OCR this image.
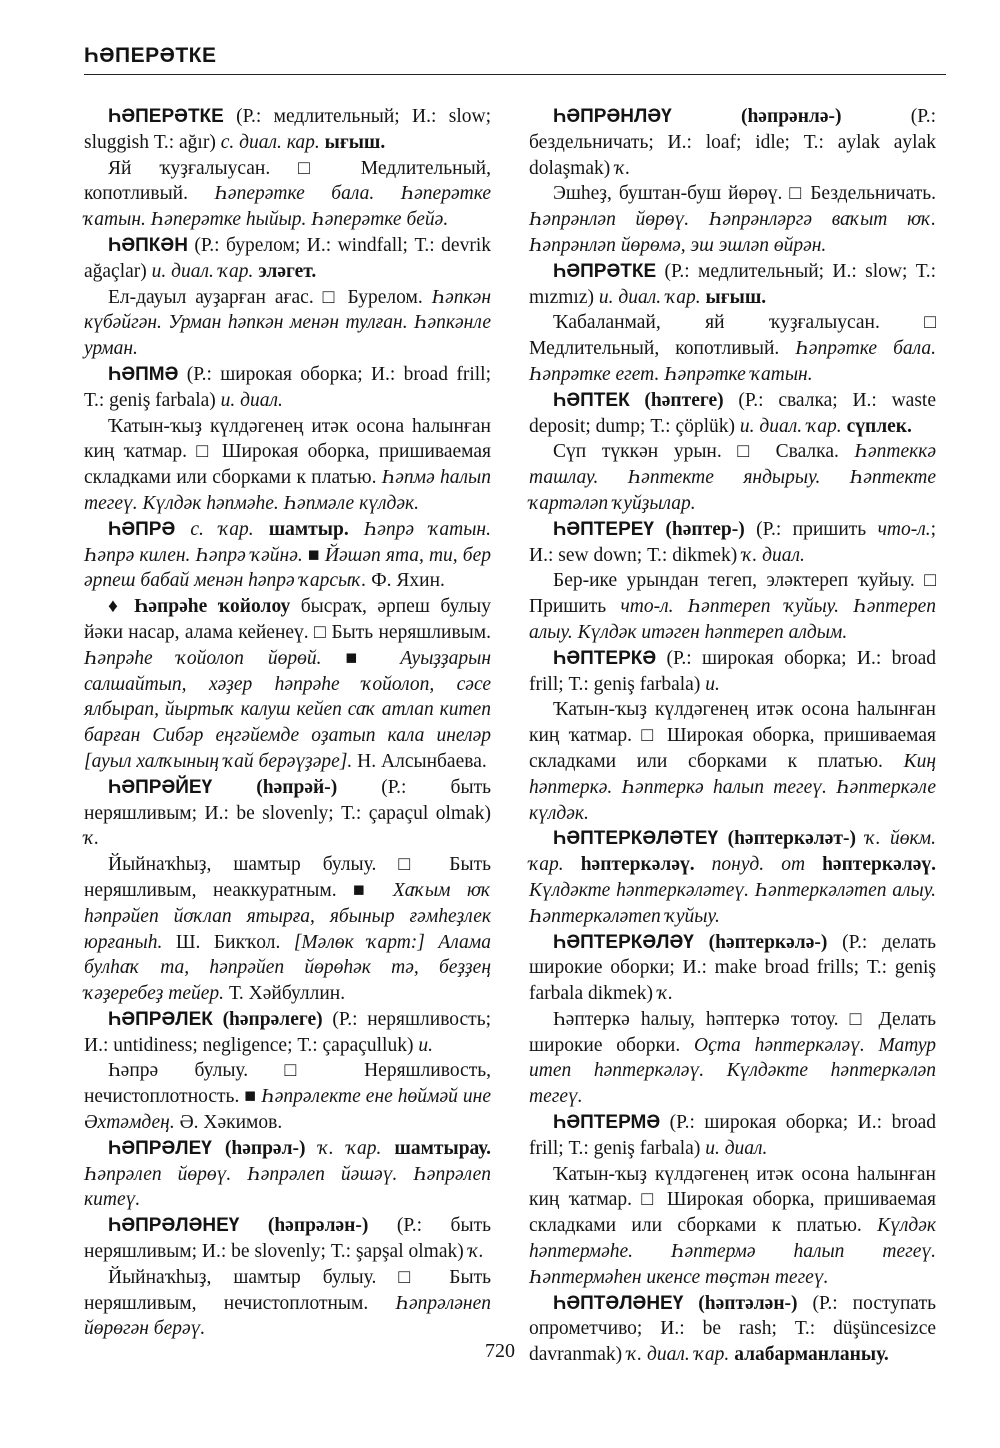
ҺӘПЕРӘТКЕ

ҺӘПЕРӘТКЕ (Р.: медлительный; И.: slow; sluggish Т.: ağır) с. диал. кар. ығыш.

Яй ҡуҙғалыусан. □ Медлительный, копотливый. Һәперәтке бала. Һәперәтке ҡатын. Һәперәтке һыйыр. Һәперәтке бейә.

ҺӘПКӘН (Р.: бурелом; И.: windfall; Т.: devrik ağaçlar) и. диал. ҡар. эләгет.

Ел-дауыл ауҙарған ағас. □ Бурелом. Һәпкән күбәйгән. Урман һәпкән менән тулған. Һәпкәнле урман.

ҺӘПМӘ (Р.: широкая оборка; И.: broad frill; Т.: geniş farbala) и. диал.

Ҡатын-ҡыҙ күлдәгенең итәк осона һалынған киң ҡатмар. □ Широкая оборка, пришиваемая складками или сборками к платью. Һәпмә һалып тегеү. Күлдәк һәпмәһе. Һәпмәле күлдәк.

ҺӘПРӘ с. ҡар. шамтыр. Һәпрә ҡатын. Һәпрә килен. Һәпрә ҡәйнә. ■ Йәшәп ята, ти, бер әрпеш бабай менән һәпрә ҡарсыҡ. Ф. Яхин.

♦ Һәпрәһе ҡойолоу бысраҡ, әрпеш булыу йәки насар, алама кейенеү. □ Быть неряшливым. Һәпрәһе ҡойолоп йөрөй. ■ Ауыҙҙарын салшайтып, хәҙер һәпрәһе ҡойолоп, сәсе ялбырап, йыртыҡ калуш кейеп саҡ атлап китеп барған Сибәр еңгәйемде оҙатып кала инеләр [ауыл халҡының ҡай берәүҙәре]. Н. Алсынбаева.

ҺӘПРӘЙЕҮ (һәпрәй-) (Р.: быть неряшливым; И.: be slovenly; Т.: çapaçul olmak) ҡ.

Йыйнаҡһыҙ, шамтыр булыу. □ Быть неряшливым, неаккуратным. ■ Хаҡым юҡ һәпрәйеп йоҡлап ятырға, ябыныр ғәмһеҙлек юрғаныһ. Ш. Бикҡол. [Мәлөк ҡарт:] Алама булһаҡ та, һәпрәйеп йөрөһәк тә, беҙҙең ҡәҙеребеҙ тейер. Т. Хәйбуллин.

ҺӘПРӘЛЕК (һәпрәлеге) (Р.: неряшливость; И.: untidiness; negligence; Т.: çapaçulluk) и.

Һәпрә булыу. □ Неряшливость, нечистоплотность. ■ Һәпрәлекте ене һөймәй ине Әхтәмдең. Ә. Хәкимов.

ҺӘПРӘЛЕҮ (һәпрәл-) ҡ. ҡар. шамтырау. Һәпрәлеп йөрөү. Һәпрәлеп йәшәү. Һәпрәлеп китеү.

ҺӘПРӘЛӘНЕҮ (һәпрәлән-) (Р.: быть неряшливым; И.: be slovenly; Т.: şapşal olmak) ҡ.

Йыйнаҡһыҙ, шамтыр булыу. □ Быть неряшливым, нечистоплотным. Һәпрәләнеп йөрөгән берәү.

ҺӘПРӘНЛӘҮ (һәпрәнлә-) (Р.: бездельничать; И.: loaf; idle; Т.: aylak aylak dolaşmak) ҡ.

Эшһеҙ, буштан-буш йөрөү. □ Бездельничать. Һәпрәнләп йөрөү. Һәпрәнләргә ваҡыт юҡ. Һәпрәнләп йөрөмә, эш эшләп өйрән.

ҺӘПРӘТКЕ (Р.: медлительный; И.: slow; Т.: mızmız) и. диал. ҡар. ығыш.

Ҡабаланмай, яй ҡуҙғалыусан. □ Медлительный, копотливый. Һәпрәтке бала. Һәпрәтке егет. Һәпрәтке ҡатын.

ҺӘПТЕК (һәптеге) (Р.: свалка; И.: waste deposit; dump; Т.: çöplük) и. диал. ҡар. сүплек.

Сүп түккән урын. □ Свалка. Һәптеккә ташлау. Һәптекте яндырыу. Һәптекте ҡартәләп ҡуйҙылар.

ҺӘПТЕРЕҮ (һәптер-) (Р.: пришить что-л.; И.: sew down; Т.: dikmek) ҡ. диал.

Бер-ике урындан тегеп, эләктереп ҡуйыу. □ Пришить что-л. Һәптереп ҡуйыу. Һәптереп алыу. Күлдәк итәген һәптереп алдым.

ҺӘПТЕРКӘ (Р.: широкая оборка; И.: broad frill; Т.: geniş farbala) и.

Ҡатын-ҡыҙ күлдәгенең итәк осона һалынған киң ҡатмар. □ Широкая оборка, пришиваемая складками или сборками к платью. Киң һәптеркә. Һәптеркә һалып тегеү. Һәптеркәле күлдәк.

ҺӘПТЕРКӘЛӘТЕҮ (һәптеркәләт-) ҡ. йөкм. ҡар. һәптеркәләү. понуд. от һәптеркәләү. Күлдәкте һәптеркәләтеү. Һәптеркәләтеп алыу. Һәптеркәләтеп ҡуйыу.

ҺӘПТЕРКӘЛӘҮ (һәптеркәлә-) (Р.: делать широкие оборки; И.: make broad frills; Т.: geniş farbala dikmek) ҡ.

Һәптеркә һалыу, һәптеркә тотоу. □ Делать широкие оборки. Оҫта һәптеркәләү. Матур итеп һәптеркәләү. Күлдәкте һәптеркәләп тегеү.

ҺӘПТЕРМӘ (Р.: широкая оборка; И.: broad frill; Т.: geniş farbala) и. диал.

Ҡатын-ҡыҙ күлдәгенең итәк осона һалынған киң ҡатмар. □ Широкая оборка, пришиваемая складками или сборками к платью. Күлдәк һәптермәһе. Һәптермә һалып тегеү. Һәптермәһен икенсе төҫтән тегеү.

ҺӘПТӘЛӘНЕҮ (һәптәлән-) (Р.: поступать опрометчиво; И.: be rash; Т.: düşüncesizce davranmak) ҡ. диал. ҡар. алабарманланыу.

720
